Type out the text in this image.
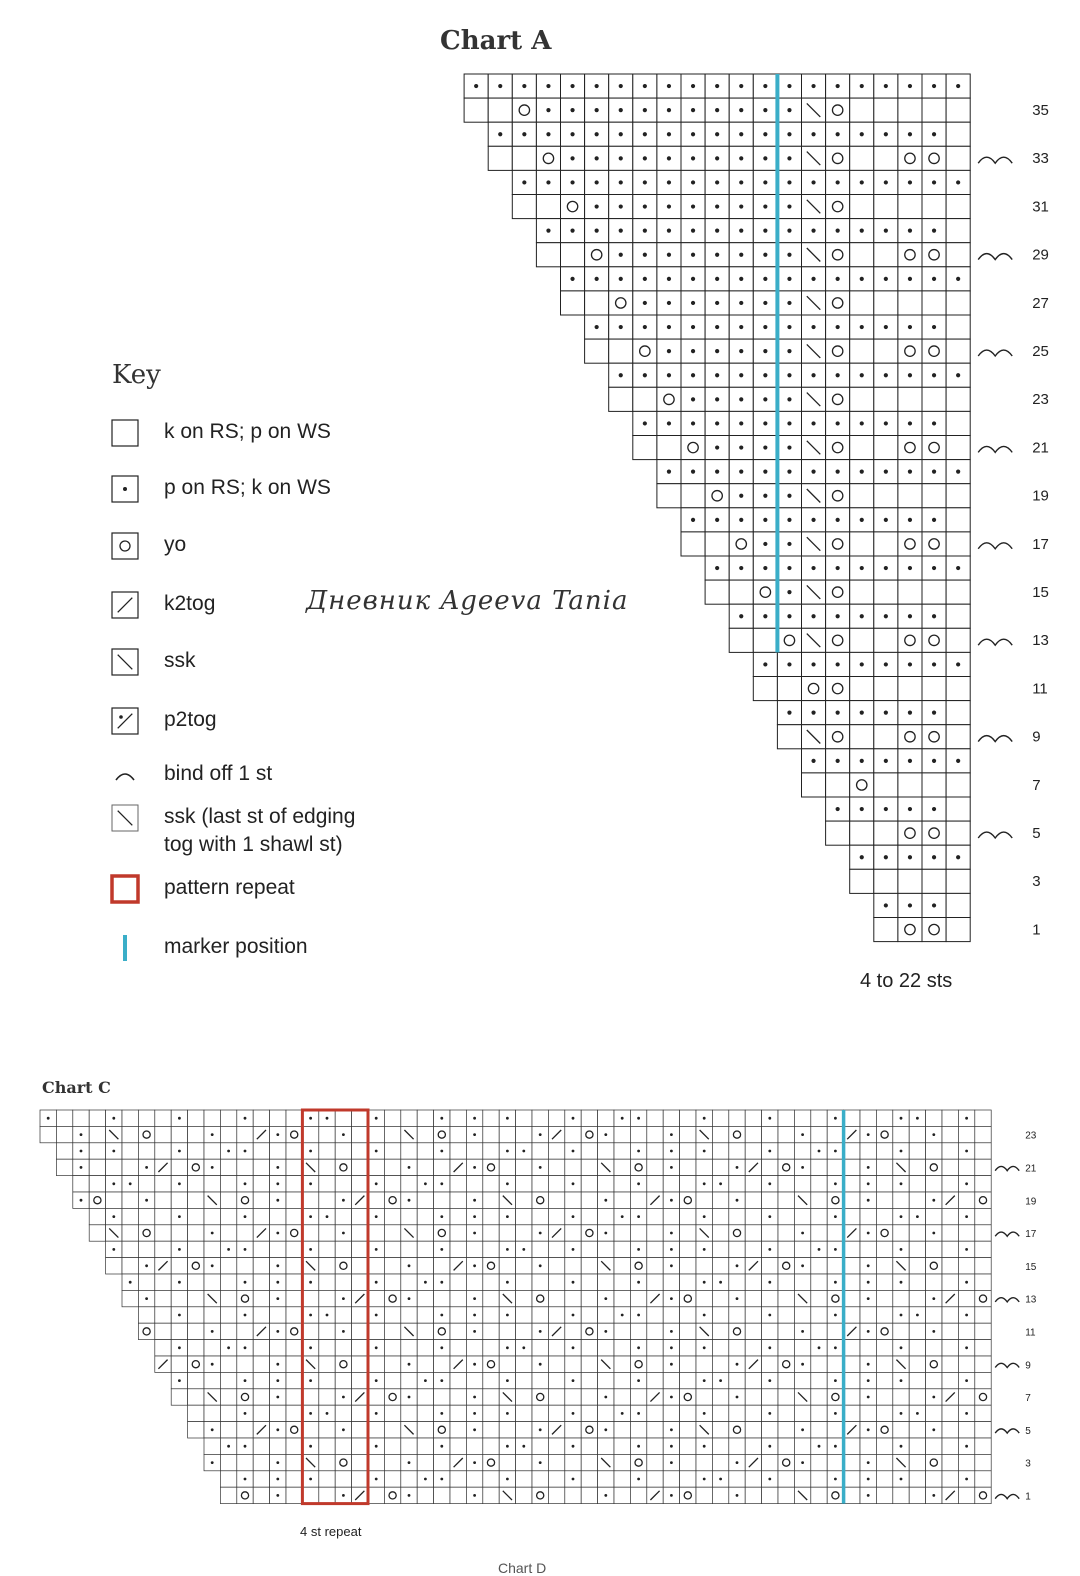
Chart A
35
33
31
29
27
25
23
21
19
17
15
13
11
9
7
5
3
1
4 to 22 sts
Key
k on RS; p on WS
p on RS; k on WS
yo
k2tog
ssk
p2tog
bind off 1 st
ssk (last st of edging
tog with 1 shawl st)
pattern repeat
marker position
Дневник Agеeva Tania
Chart C
23
21
19
17
15
13
11
9
7
5
3
1
4 st repeat
Chart D
